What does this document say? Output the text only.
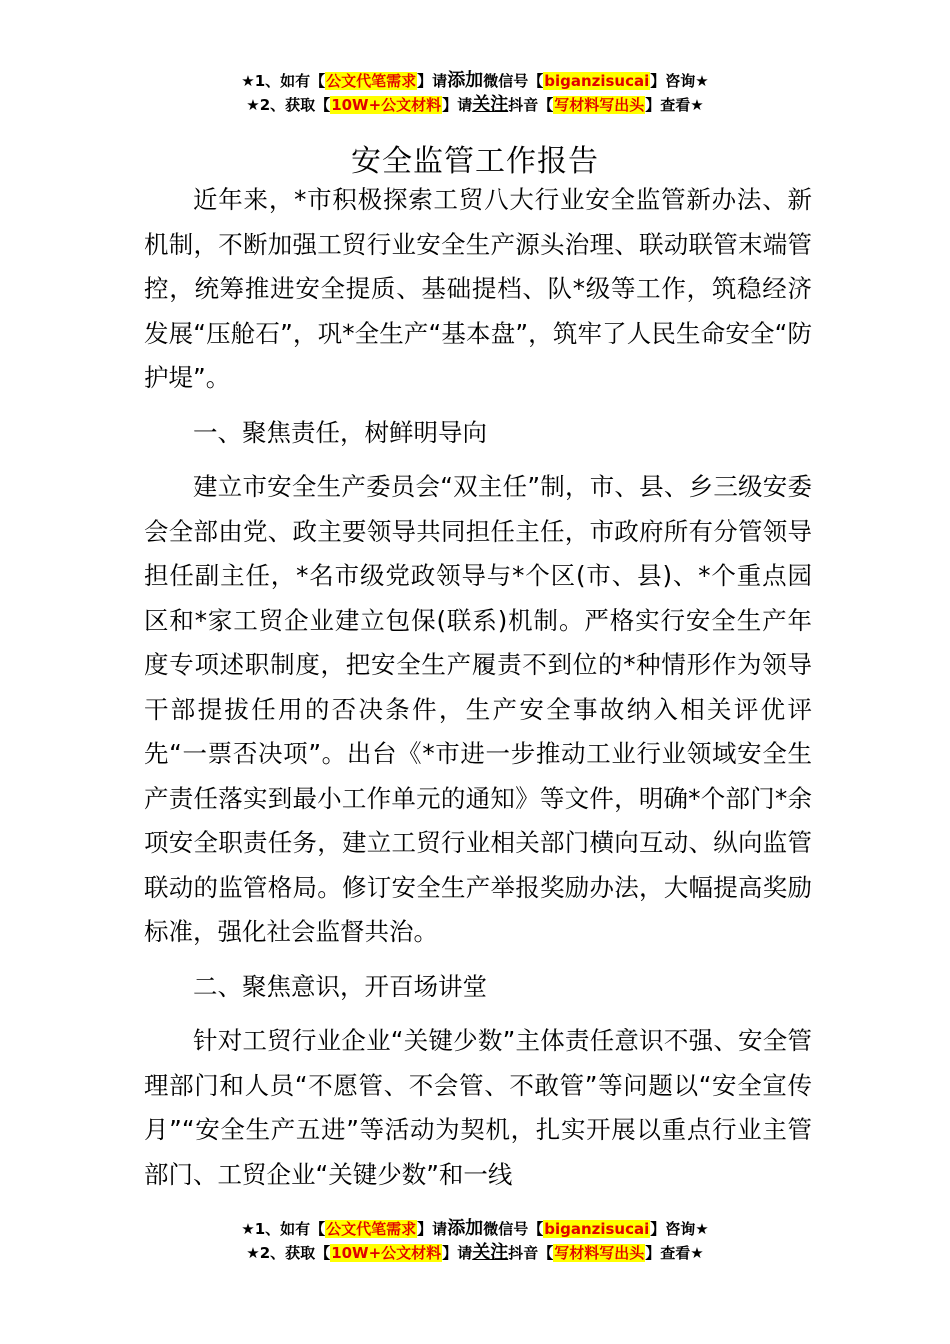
★1、如有【公文代笔需求】请添加微信号【biganzisucai】咨询★
★2、获取【10W+公文材料】请关注抖音【写材料写出头】查看★
安全监管工作报告

近年来，*市积极探索工贸八大行业安全监管新办法、新机制，不断加强工贸行业安全生产源头治理、联动联管末端管控，统筹推进安全提质、基础提档、队*级等工作，筑稳经济发展“压舱石”，巩*全生产“基本盘”，筑牢了人民生命安全“防护堤”。

一、聚焦责任，树鲜明导向

建立市安全生产委员会“双主任”制，市、县、乡三级安委会全部由党、政主要领导共同担任主任，市政府所有分管领导担任副主任，*名市级党政领导与*个区(市、县)、*个重点园区和*家工贸企业建立包保(联系)机制。严格实行安全生产年度专项述职制度，把安全生产履责不到位的*种情形作为领导干部提拔任用的否决条件，生产安全事故纳入相关评优评先“一票否决项”。出台《*市进一步推动工业行业领域安全生产责任落实到最小工作单元的通知》等文件，明确*个部门*余项安全职责任务，建立工贸行业相关部门横向互动、纵向监管联动的监管格局。修订安全生产举报奖励办法，大幅提高奖励标准，强化社会监督共治。

二、聚焦意识，开百场讲堂

针对工贸行业企业“关键少数”主体责任意识不强、安全管理部门和人员“不愿管、不会管、不敢管”等问题以“安全宣传月”“安全生产五进”等活动为契机，扎实开展以重点行业主管部门、工贸企业“关键少数”和一线

★1、如有【公文代笔需求】请添加微信号【biganzisucai】咨询★
★2、获取【10W+公文材料】请关注抖音【写材料写出头】查看★
